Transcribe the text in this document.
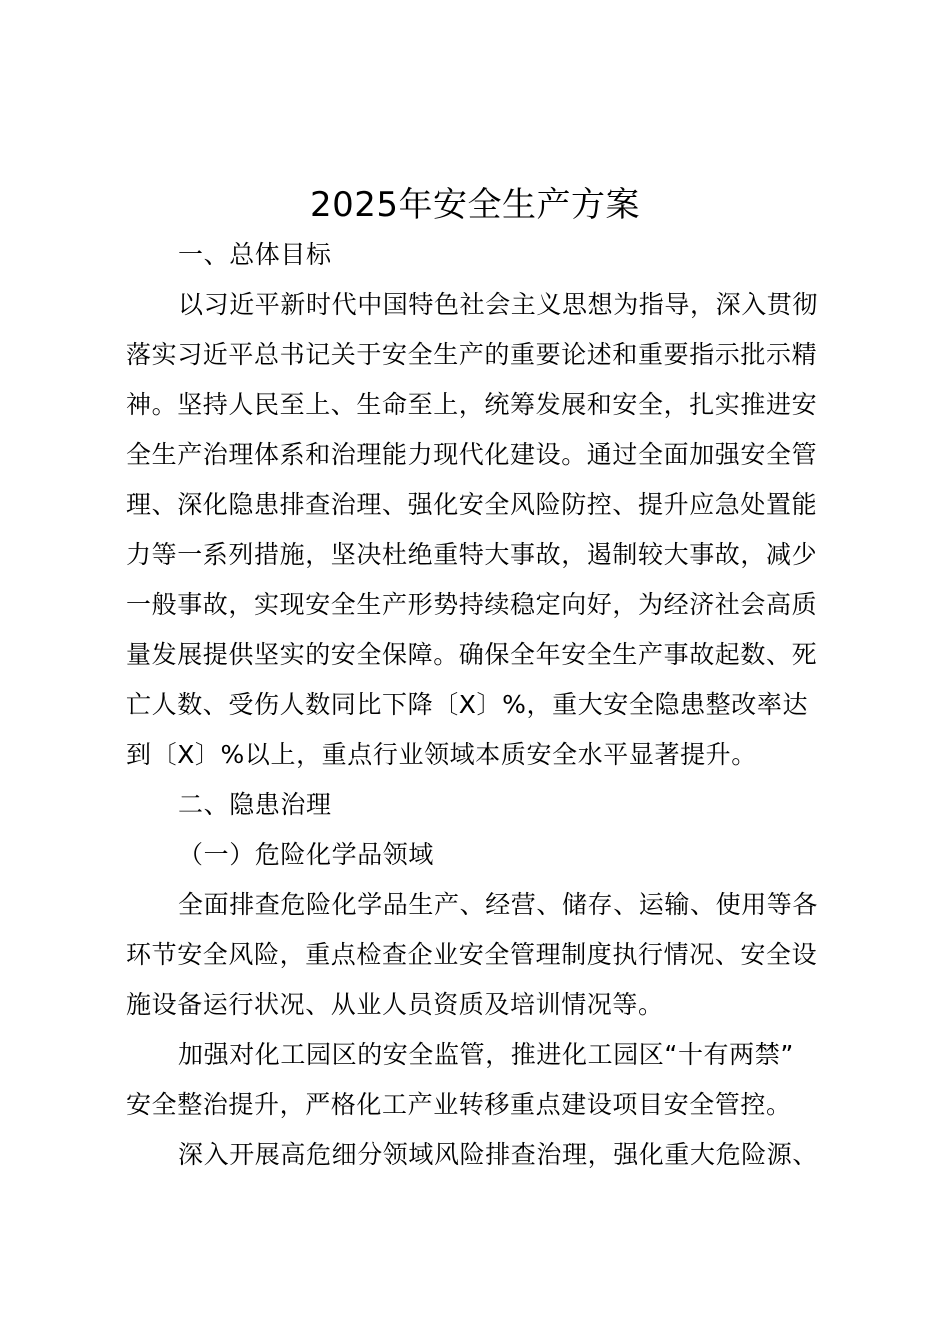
2025年安全生产方案
一、总体目标
以习近平新时代中国特色社会主义思想为指导，深入贯彻
落实习近平总书记关于安全生产的重要论述和重要指示批示精
神。坚持人民至上、生命至上，统筹发展和安全，扎实推进安
全生产治理体系和治理能力现代化建设。通过全面加强安全管
理、深化隐患排查治理、强化安全风险防控、提升应急处置能
力等一系列措施，坚决杜绝重特大事故，遏制较大事故，减少
一般事故，实现安全生产形势持续稳定向好，为经济社会高质
量发展提供坚实的安全保障。确保全年安全生产事故起数、死
亡人数、受伤人数同比下降〔X〕%，重大安全隐患整改率达
到〔X〕%以上，重点行业领域本质安全水平显著提升。
二、隐患治理
（一）危险化学品领域
全面排查危险化学品生产、经营、储存、运输、使用等各
环节安全风险，重点检查企业安全管理制度执行情况、安全设
施设备运行状况、从业人员资质及培训情况等。
加强对化工园区的安全监管，推进化工园区“十有两禁”
安全整治提升，严格化工产业转移重点建设项目安全管控。
深入开展高危细分领域风险排查治理，强化重大危险源、
